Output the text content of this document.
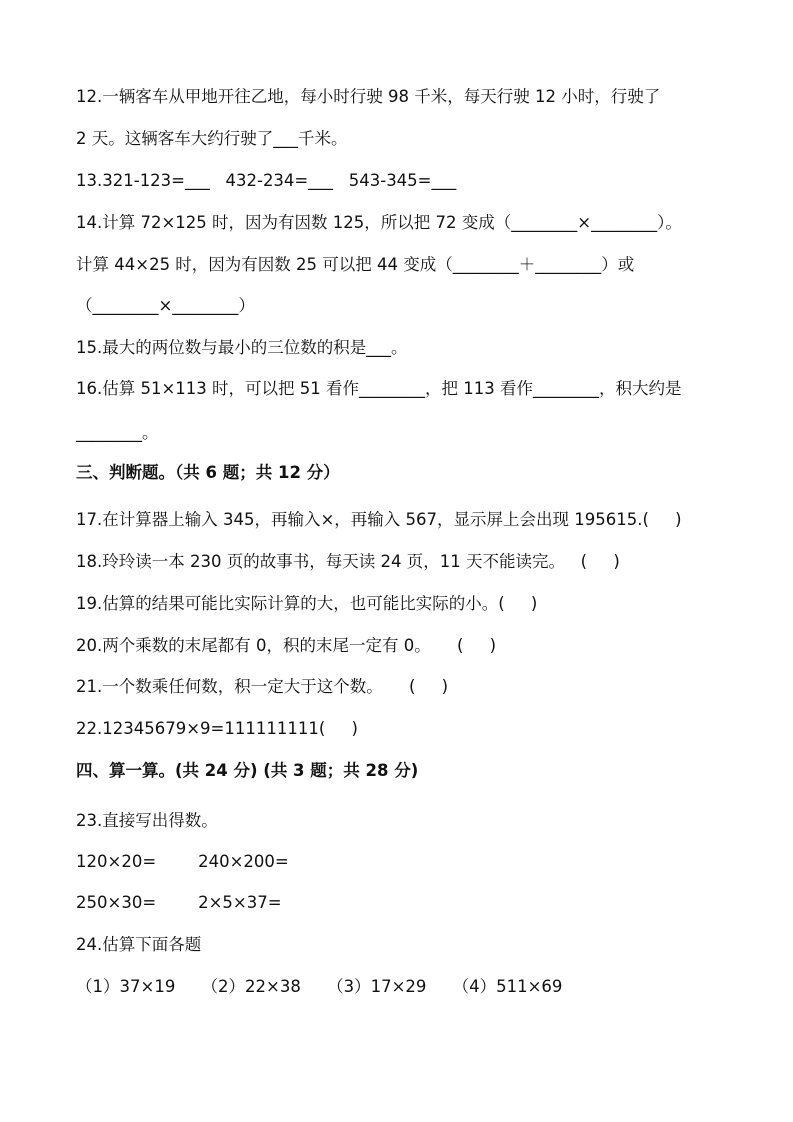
12.一辆客车从甲地开往乙地，每小时行驶 98 千米，每天行驶 12 小时，行驶了
2 天。这辆客车大约行驶了___千米。
13.321-123=___   432-234=___   543-345=___
14.计算 72×125 时，因为有因数 125，所以把 72 变成（________×________）。
计算 44×25 时，因为有因数 25 可以把 44 变成（________＋________）或
（________×________）
15.最大的两位数与最小的三位数的积是___。
16.估算 51×113 时，可以把 51 看作________，把 113 看作________，积大约是
________。
三、判断题。（共 6 题；共 12 分）
17.在计算器上输入 345，再输入×，再输入 567，显示屏上会出现 195615.(     )
18.玲玲读一本 230 页的故事书，每天读 24 页，11 天不能读完。   (     )
19.估算的结果可能比实际计算的大，也可能比实际的小。(     )
20.两个乘数的末尾都有 0，积的末尾一定有 0。     (     )
21.一个数乘任何数，积一定大于这个数。     (     )
22.12345679×9=111111111(     )
四、算一算。(共 24 分) (共 3 题；共 28 分)
23.直接写出得数。
120×20=        240×200=
250×30=        2×5×37=
24.估算下面各题
（1）37×19     （2）22×38     （3）17×29     （4）511×69
